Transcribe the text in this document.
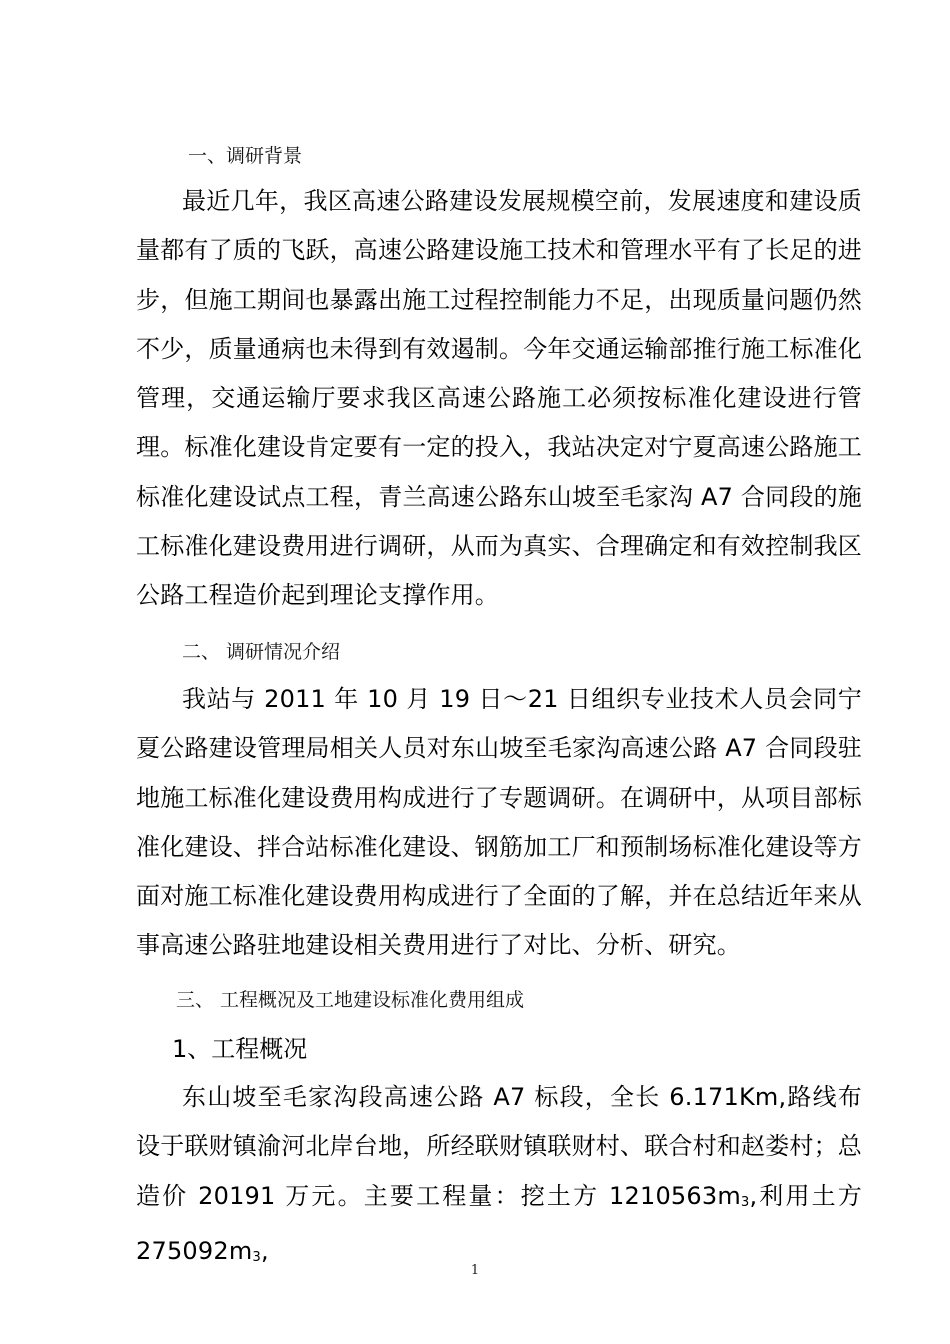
一、调研背景
最近几年，我区高速公路建设发展规模空前，发展速度和建设质量都有了质的飞跃，高速公路建设施工技术和管理水平有了长足的进步，但施工期间也暴露出施工过程控制能力不足，出现质量问题仍然不少，质量通病也未得到有效遏制。今年交通运输部推行施工标准化管理，交通运输厅要求我区高速公路施工必须按标准化建设进行管理。标准化建设肯定要有一定的投入，我站决定对宁夏高速公路施工标准化建设试点工程，青兰高速公路东山坡至毛家沟 A7 合同段的施工标准化建设费用进行调研，从而为真实、合理确定和有效控制我区公路工程造价起到理论支撑作用。
二、 调研情况介绍
我站与 2011 年 10 月 19 日～21 日组织专业技术人员会同宁夏公路建设管理局相关人员对东山坡至毛家沟高速公路 A7 合同段驻地施工标准化建设费用构成进行了专题调研。在调研中，从项目部标准化建设、拌合站标准化建设、钢筋加工厂和预制场标准化建设等方面对施工标准化建设费用构成进行了全面的了解，并在总结近年来从事高速公路驻地建设相关费用进行了对比、分析、研究。
三、 工程概况及工地建设标准化费用组成
1、工程概况
东山坡至毛家沟段高速公路 A7 标段，全长 6.171Km,路线布设于联财镇渝河北岸台地，所经联财镇联财村、联合村和赵娄村；总造价 20191 万元。主要工程量：挖土方 $1210563m_3$,利用土方 $275092m_3$,
1
